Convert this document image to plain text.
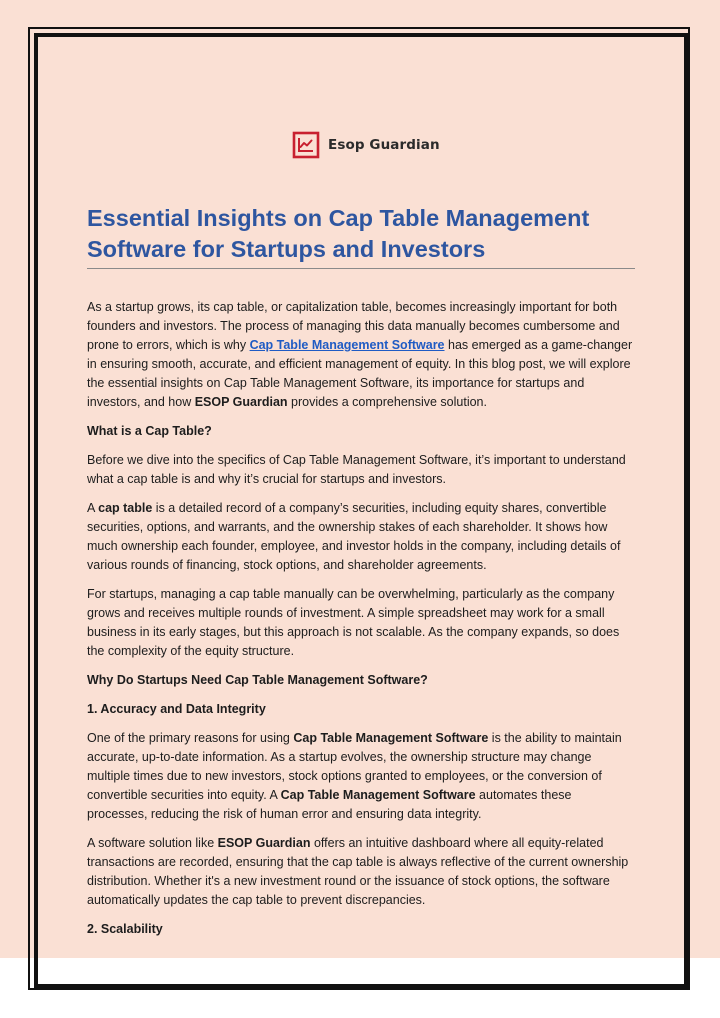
Esop Guardian
Essential Insights on Cap Table Management Software for Startups and Investors

As a startup grows, its cap table, or capitalization table, becomes increasingly important for both founders and investors. The process of managing this data manually becomes cumbersome and prone to errors, which is why Cap Table Management Software has emerged as a game-changer in ensuring smooth, accurate, and efficient management of equity. In this blog post, we will explore the essential insights on Cap Table Management Software, its importance for startups and investors, and how ESOP Guardian provides a comprehensive solution.

What is a Cap Table?

Before we dive into the specifics of Cap Table Management Software, it’s important to understand what a cap table is and why it’s crucial for startups and investors.

A cap table is a detailed record of a company’s securities, including equity shares, convertible securities, options, and warrants, and the ownership stakes of each shareholder. It shows how much ownership each founder, employee, and investor holds in the company, including details of various rounds of financing, stock options, and shareholder agreements.

For startups, managing a cap table manually can be overwhelming, particularly as the company grows and receives multiple rounds of investment. A simple spreadsheet may work for a small business in its early stages, but this approach is not scalable. As the company expands, so does the complexity of the equity structure.

Why Do Startups Need Cap Table Management Software?

1. Accuracy and Data Integrity

One of the primary reasons for using Cap Table Management Software is the ability to maintain accurate, up-to-date information. As a startup evolves, the ownership structure may change multiple times due to new investors, stock options granted to employees, or the conversion of convertible securities into equity. A Cap Table Management Software automates these processes, reducing the risk of human error and ensuring data integrity.

A software solution like ESOP Guardian offers an intuitive dashboard where all equity-related transactions are recorded, ensuring that the cap table is always reflective of the current ownership distribution. Whether it's a new investment round or the issuance of stock options, the software automatically updates the cap table to prevent discrepancies.

2. Scalability
